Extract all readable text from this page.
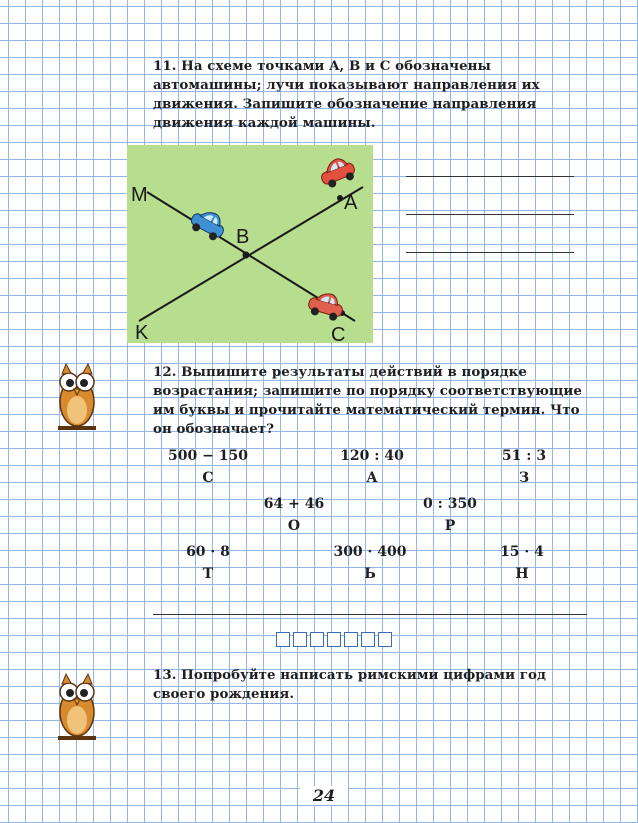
11. На схеме точками A, B и C обозначены автомашины; лучи показывают направления их движения. Запишите обозначение направления движения каждой машины.
M	A
B
K	C
12. Выпишите результаты действий в порядке возрастания; запишите по порядку соответствующие им буквы и прочитайте математический термин. Что он обозначает?
500 − 150
С
120 : 40
А
51 : 3
З
64 + 46
О
0 : 350
Р
60 · 8
Т
300 · 400
Ь
15 · 4
Н
13. Попробуйте написать римскими цифрами год своего рождения.
24
